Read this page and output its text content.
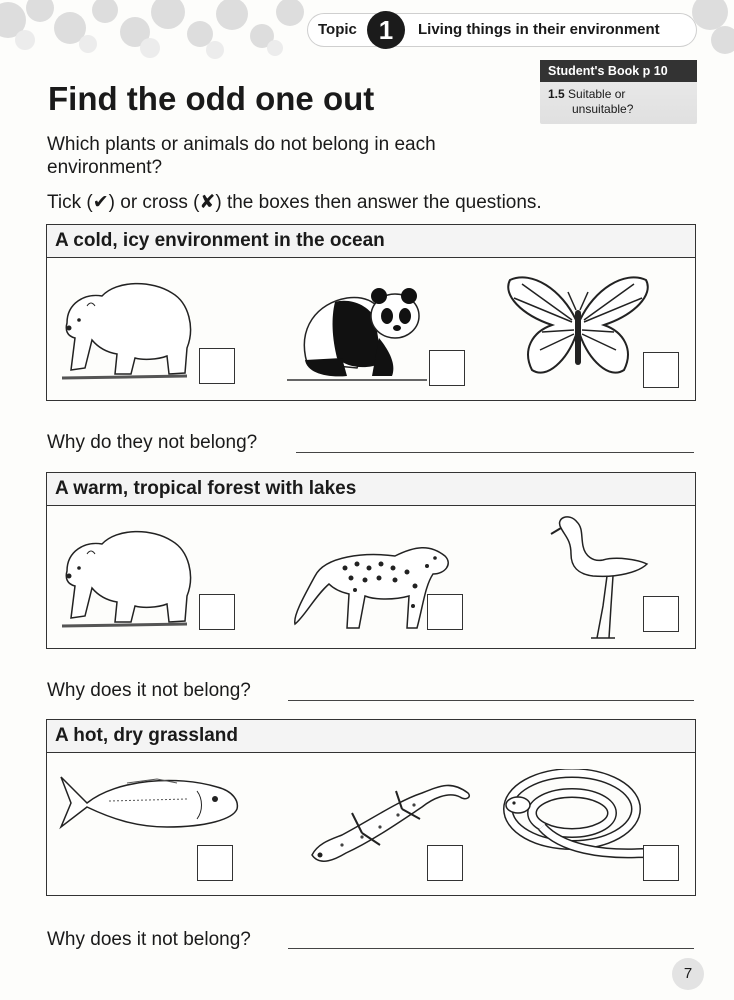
Topic 1	Living things in their environment
Student's Book p 10
1.5 Suitable or
unsuitable?
Find the odd one out
Which plants or animals do not belong in each environment?
Tick (✔) or cross (✘) the boxes then answer the questions.
A cold, icy environment in the ocean
Why do they not belong?
A warm, tropical forest with lakes
Why does it not belong?
A hot, dry grassland
Why does it not belong?
7
